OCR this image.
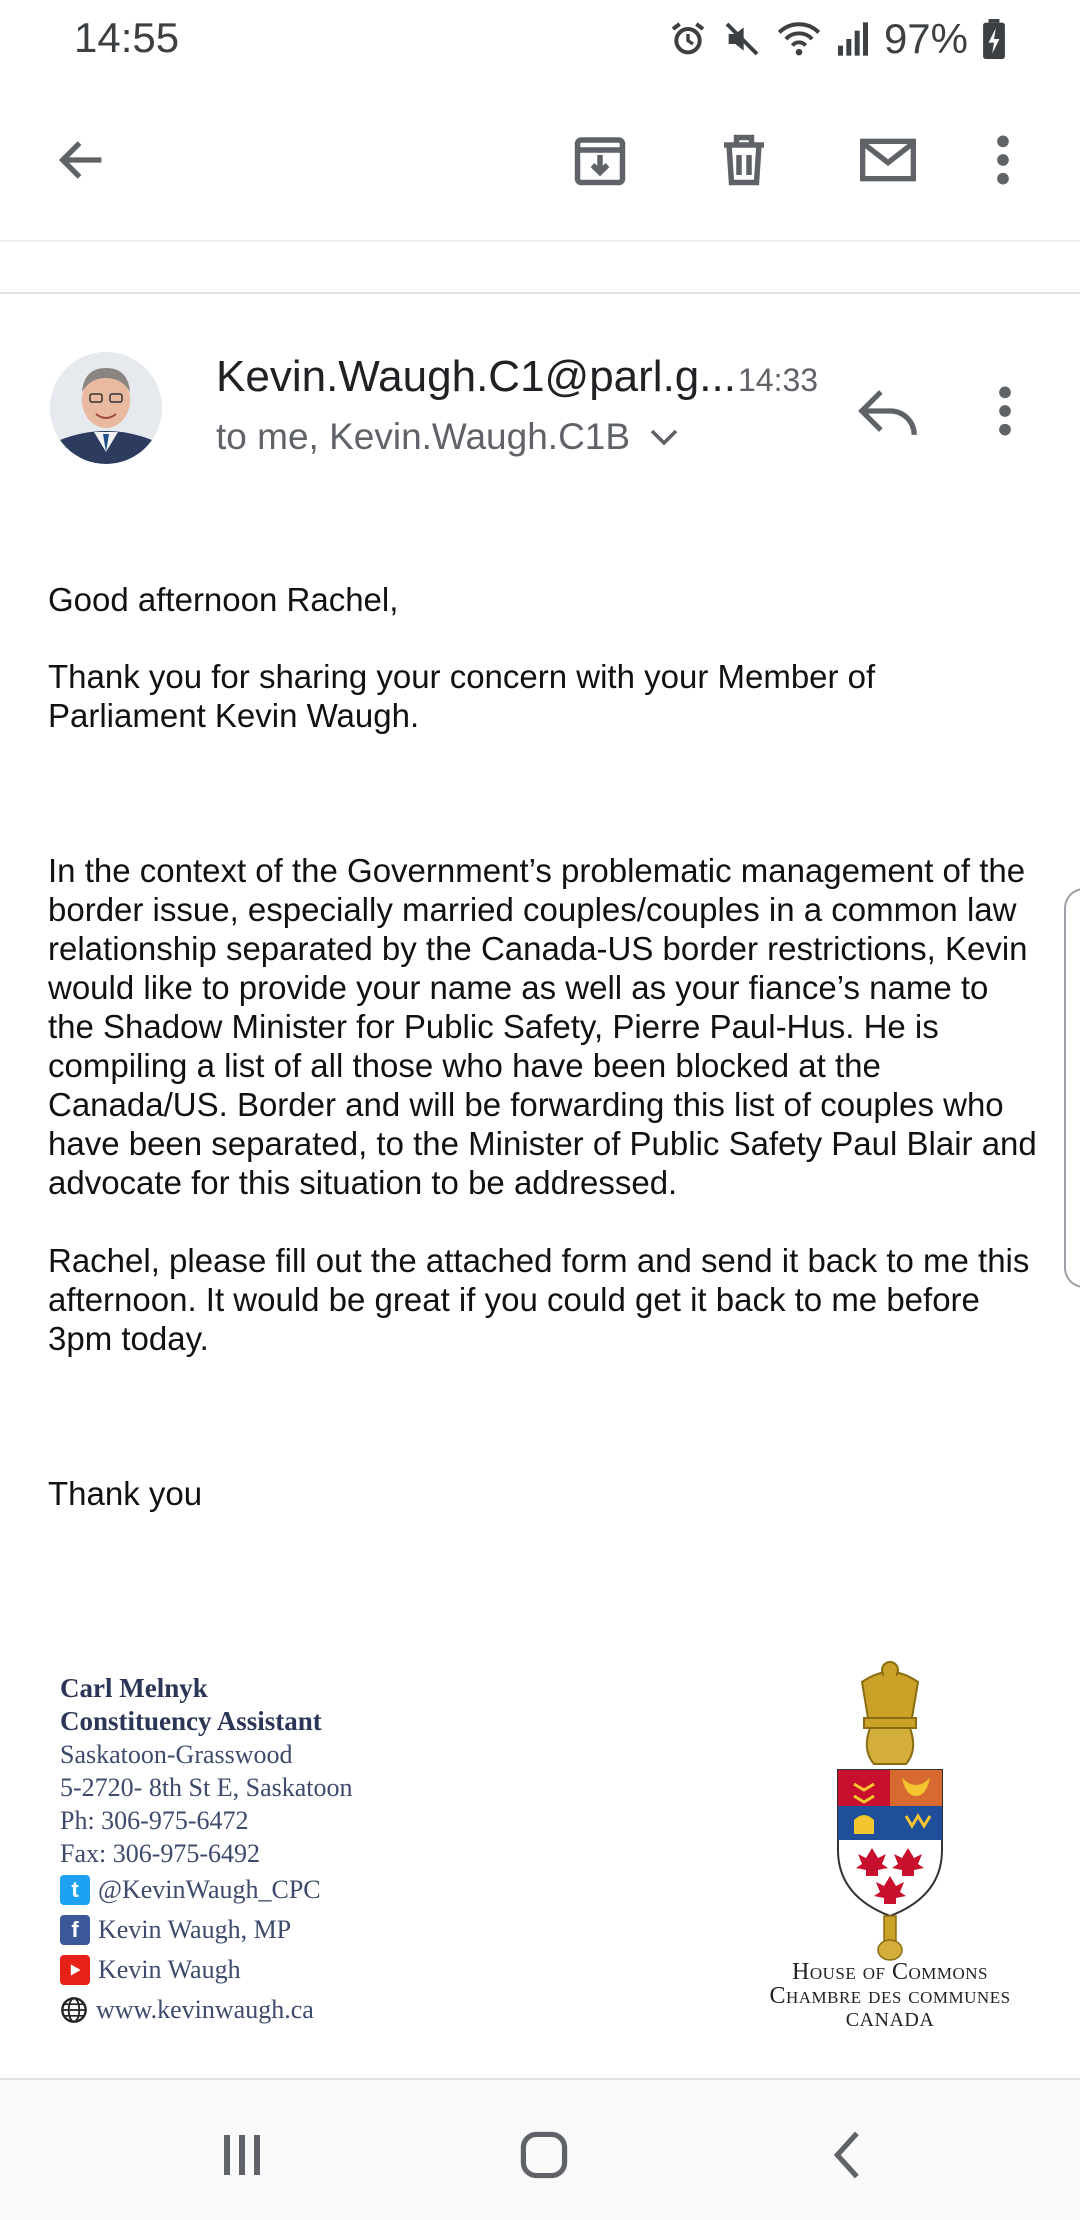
14:55	97%
Kevin.Waugh.C1@parl.g... 14:33
to me, Kevin.Waugh.C1B
Good afternoon Rachel,
Thank you for sharing your concern with your Member of Parliament Kevin Waugh.
In the context of the Government’s problematic management of the border issue, especially married couples/couples in a common law relationship separated by the Canada-US border restrictions, Kevin would like to provide your name as well as your fiance’s name to the Shadow Minister for Public Safety, Pierre Paul-Hus. He is compiling a list of all those who have been blocked at the Canada/US. Border and will be forwarding this list of couples who have been separated, to the Minister of Public Safety Paul Blair and advocate for this situation to be addressed.
Rachel, please fill out the attached form and send it back to me this afternoon. It would be great if you could get it back to me before 3pm today.
Thank you
Carl Melnyk
Constituency Assistant
Saskatoon-Grasswood
5-2720- 8th St E, Saskatoon
Ph: 306-975-6472
Fax: 306-975-6492
t @KevinWaugh_CPC
f Kevin Waugh, MP
Kevin Waugh
www.kevinwaugh.ca
House of Commons
Chambre des communes
CANADA
